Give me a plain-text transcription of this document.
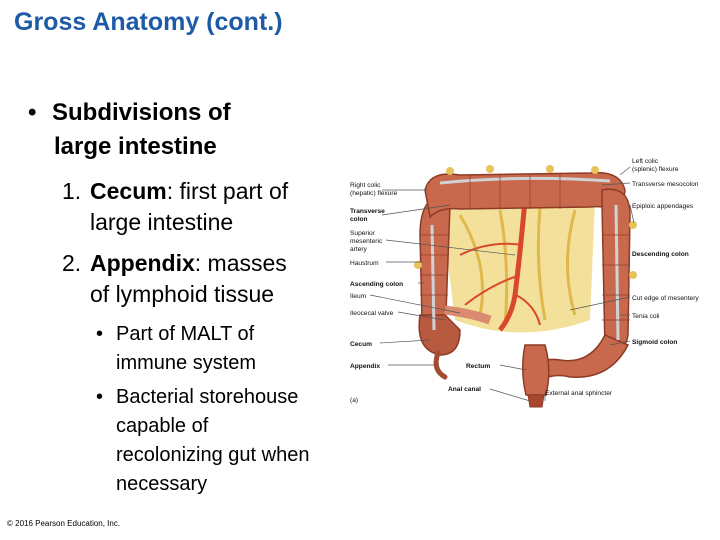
Gross Anatomy (cont.)
• Subdivisions of
large intestine
1. Cecum: first part of
large intestine
2. Appendix: masses
of lymphoid tissue
• Part of MALT of
immune system
• Bacterial storehouse
capable of
recolonizing gut when
necessary
© 2016 Pearson Education, Inc.
Right colic
(hepatic) flexure
Transverse
colon
Superior
mesenteric
artery
Haustrum
Ascending colon
Ileum
Ileocecal valve
Cecum
Appendix
(a)
Left colic
(splenic) flexure
Transverse mesocolon
Epiploic appendages
Descending colon
Cut edge of mesentery
Tenia coli
Sigmoid colon
Rectum
Anal canal
External anal sphincter
